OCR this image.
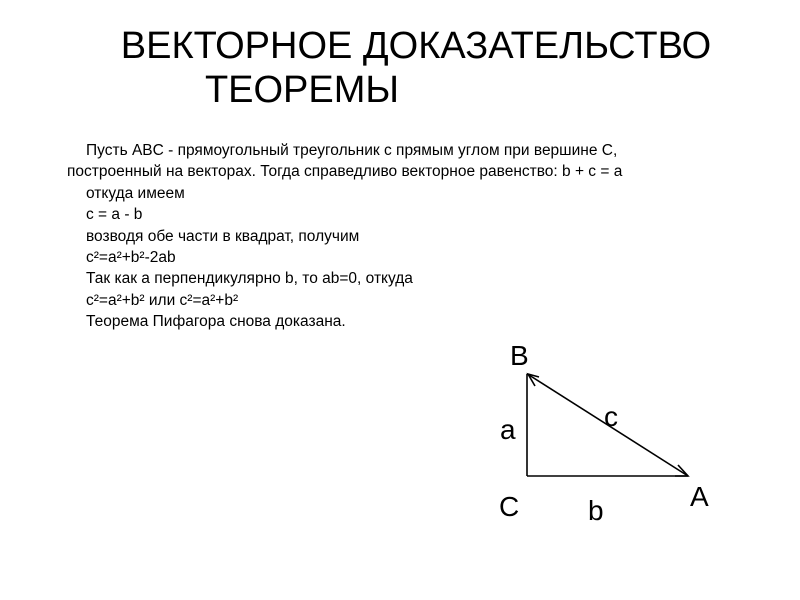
ВЕКТОРНОЕ ДОКАЗАТЕЛЬСТВО
ТЕОРЕМЫ
Пусть ABC - прямоугольный треугольник с прямым углом при вершине C,
построенный на векторах. Тогда справедливо векторное равенство: b + c = a
откуда имеем
c = a - b
возводя обе части в квадрат, получим
c²=a²+b²-2ab
Так как a перпендикулярно b, то ab=0, откуда
c²=a²+b² или c²=a²+b²
Теорема Пифагора снова доказана.
B
a	c
C b	A
